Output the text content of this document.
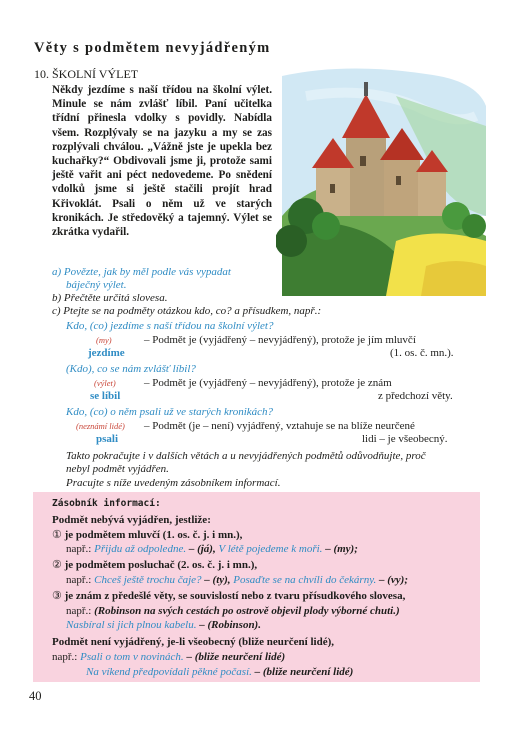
Věty s podmětem nevyjádřeným
10. ŠKOLNÍ VÝLET

Někdy jezdíme s naší třídou na školní výlet. Minule se nám zvlášť líbil. Paní učitelka třídní přinesla vdolky s povidly. Nabídla všem. Rozplývaly se na jazyku a my se zas rozplývali chválou. „Vážně jste je upekla bez kuchařky?“ Obdivovali jsme ji, protože sami ještě vařit ani péct nedovedeme. Po snědení vdolků jsme si ještě stačili projít hrad Křivoklát. Psali o něm už ve starých kronikách. Je středověký a tajemný. Výlet se zkrátka vydařil.

a) Povězte, jak by měl podle vás vypadat
báječný výlet.
b) Přečtěte určitá slovesa.
c) Ptejte se na podměty otázkou kdo, co? a přísudkem, např.:
Kdo, (co) jezdíme s naší třídou na školní výlet?
(my)	– Podmět je (vyjádřený – nevyjádřený), protože je jím mluvčí
jezdíme	(1. os. č. mn.).
(Kdo), co se nám zvlášť líbil?
(výlet)	– Podmět je (vyjádřený – nevyjádřený), protože je znám
se líbil	z předchozí věty.
Kdo, (co) o něm psali už ve starých kronikách?
(neznámí lidé) – Podmět (je – není) vyjádřený, vztahuje se na blíže neurčené
psali	lidi – je všeobecný.
Takto pokračujte i v dalších větách a u nevyjádřených podmětů odůvodňujte, proč
nebyl podmět vyjádřen.
Pracujte s níže uvedeným zásobníkem informací.
Zásobník informací:
Podmět nebývá vyjádřen, jestliže:
① je podmětem mluvčí (1. os. č. j. i mn.),
např.: Přijdu až odpoledne. – (já), V létě pojedeme k moři. – (my);
② je podmětem posluchač (2. os. č. j. i mn.),
např.: Chceš ještě trochu čaje? – (ty), Posaďte se na chvíli do čekárny. – (vy);
③ je znám z předešlé věty, se souvislostí nebo z tvaru přísudkového slovesa,
např.: (Robinson na svých cestách po ostrově objevil plody výborné chuti.)
Nasbíral si jich plnou kabelu. – (Robinson).
Podmět není vyjádřený, je-li všeobecný (bliže neurčení lidé),
např.: Psali o tom v novinách. – (bliže neurčení lidé)
Na víkend předpovídali pěkné počasí. – (bliže neurčení lidé)
40
